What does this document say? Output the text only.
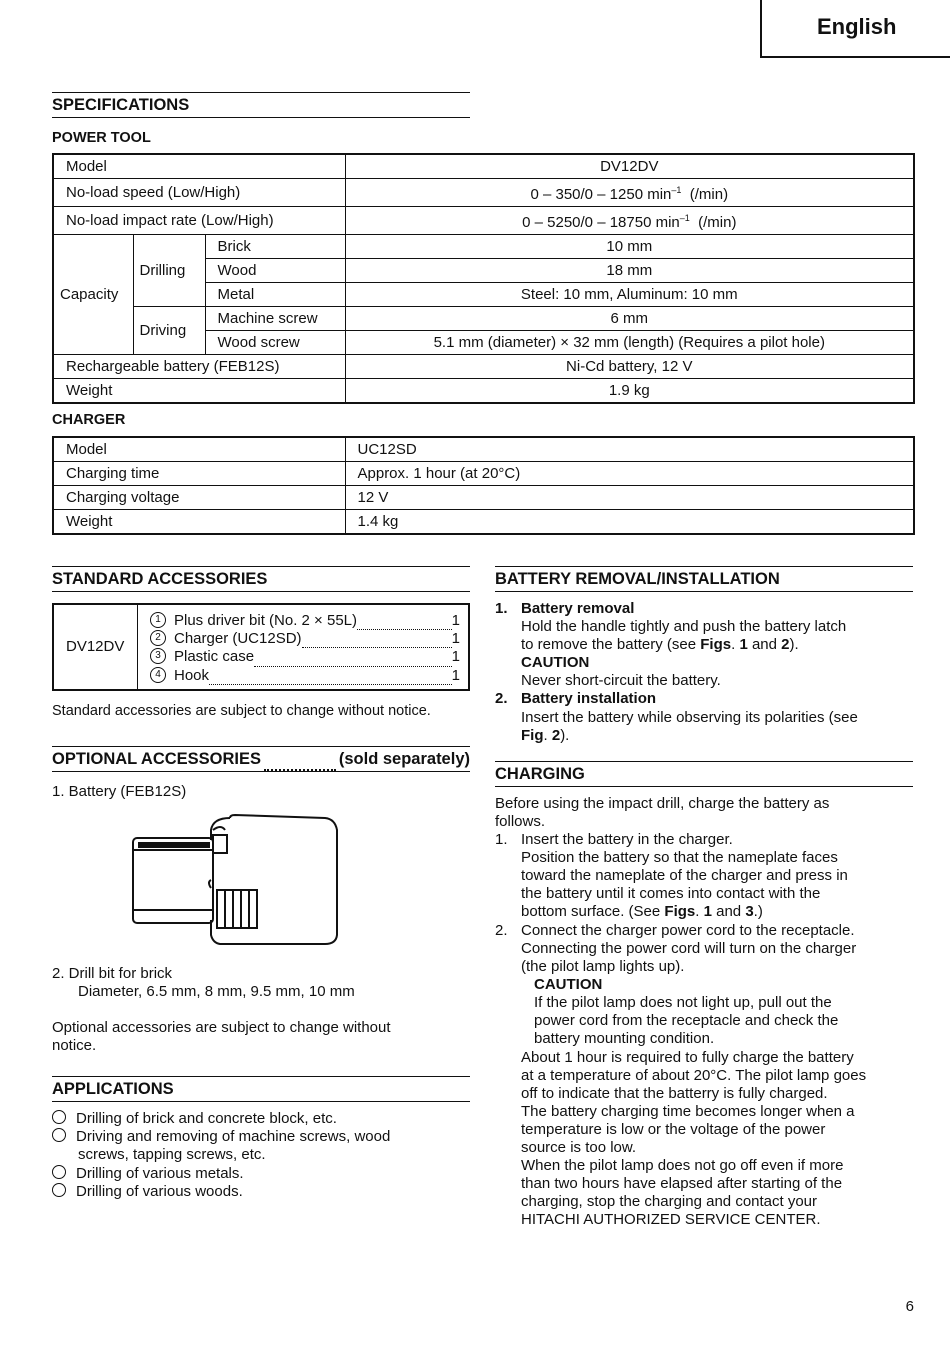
English
SPECIFICATIONS
POWER TOOL
Model			DV12DV
No-load speed (Low/High)			0 – 350/0 – 1250 $\min^{-1} (/\min)$
No-load impact rate (Low/High)			0 – 5250/0 – 18750 $\min^{-1} (/\min)$
Capacity	Drilling	Brick	10 mm
		Wood	18 mm
		Metal	Steel: 10 mm, Aluminum: 10 mm
	Driving	Machine screw	6 mm
		Wood screw	5.1 mm (diameter) × 32 mm (length) (Requires a pilot hole)
Rechargeable battery (FEB12S)			Ni-Cd battery, 12 V
Weight			1.9 kg
CHARGER
Model	UC12SD
Charging time	Approx. 1 hour (at 20°C)
Charging voltage	12 V
Weight	1.4 kg
STANDARD ACCESSORIES
DV12DV
1 Plus driver bit (No. 2 × 55L)	1
2 Charger (UC12SD)	1
3 Plastic case	1
4 Hook	1
Standard accessories are subject to change without notice.
OPTIONAL ACCESSORIES	(sold separately)
1. Battery (FEB12S)
2. Drill bit for brick
Diameter, 6.5 mm, 8 mm, 9.5 mm, 10 mm
Optional accessories are subject to change without
notice.
APPLICATIONS
Drilling of brick and concrete block, etc.
Driving and removing of machine screws, wood
screws, tapping screws, etc.
Drilling of various metals.
Drilling of various woods.
BATTERY REMOVAL/INSTALLATION
1. Battery removal
Hold the handle tightly and push the battery latch
to remove the battery (see Figs. 1 and 2).
CAUTION
Never short-circuit the battery.
2. Battery installation
Insert the battery while observing its polarities (see
Fig. 2).
CHARGING
Before using the impact drill, charge the battery as
follows.
1. Insert the battery in the charger.
Position the battery so that the nameplate faces
toward the nameplate of the charger and press in
the battery until it comes into contact with the
bottom surface. (See Figs. 1 and 3.)
2. Connect the charger power cord to the receptacle.
Connecting the power cord will turn on the charger
(the pilot lamp lights up).
CAUTION
If the pilot lamp does not light up, pull out the
power cord from the receptacle and check the
battery mounting condition.
About 1 hour is required to fully charge the battery
at a temperature of about 20°C. The pilot lamp goes
off to indicate that the batterry is fully charged.
The battery charging time becomes longer when a
temperature is low or the voltage of the power
source is too low.
When the pilot lamp does not go off even if more
than two hours have elapsed after starting of the
charging, stop the charging and contact your
HITACHI AUTHORIZED SERVICE CENTER.
6
